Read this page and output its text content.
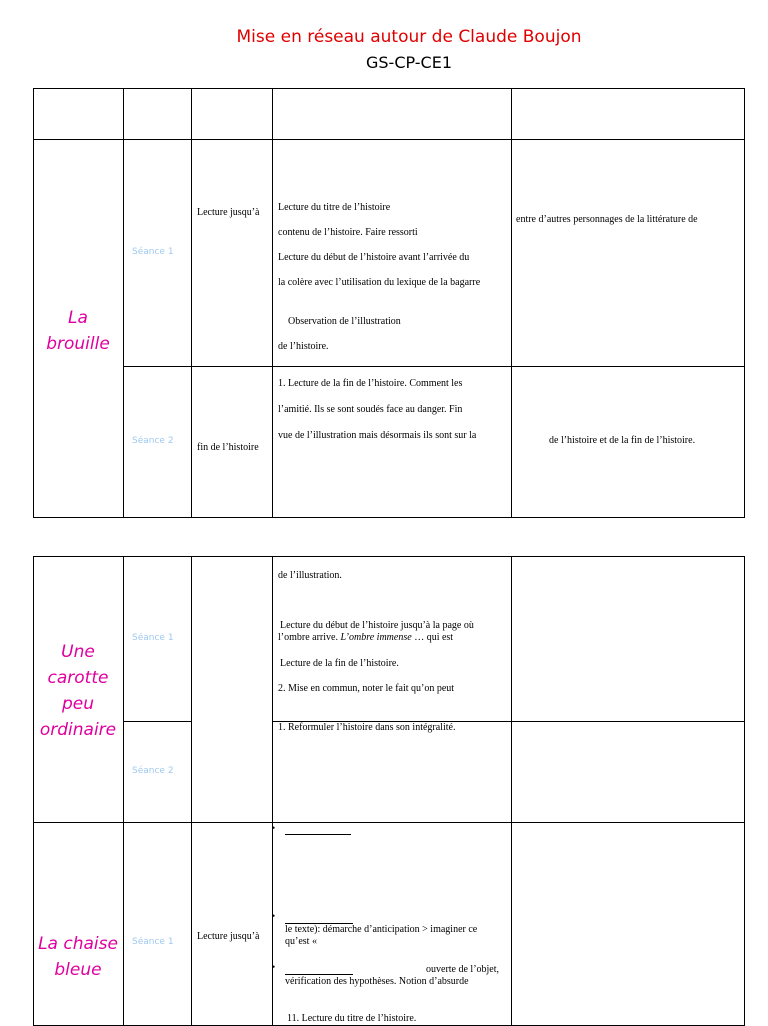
Mise en réseau autour de Claude Boujon
GS-CP-CE1
La brouille
Séance 1
Séance 2
Lecture jusqu’à Lecture du titre de l’histoire
contenu de l’histoire. Faire ressorti
Lecture du début de l’histoire avant l’arrivée du
la colère avec l’utilisation du lexique de la bagarre
Observation de l’illustration
de l’histoire.
entre d’autres personnages de la littérature de
fin de l’histoire
1. Lecture de la fin de l’histoire. Comment les
l’amitié. Ils se sont soudés face au danger. Fin
vue de l’illustration mais désormais ils sont sur la	de l’histoire et de la fin de l’histoire.
Une carotte peu ordinaire
Séance 1
Séance 2
de l’illustration.
Lecture du début de l’histoire jusqu’à la page où
l’ombre arrive. L’ombre immense … qui est
Lecture de la fin de l’histoire.
2. Mise en commun, noter le fait qu’on peut
1. Reformuler l’histoire dans son intégralité.
La chaise bleue
Séance 1 Lecture jusqu’à
•
•
le texte): démarche d’anticipation > imaginer ce
qu’est «
•	ouverte de l’objet,
vérification des hypothèses. Notion d’absurde
11. Lecture du titre de l’histoire.
